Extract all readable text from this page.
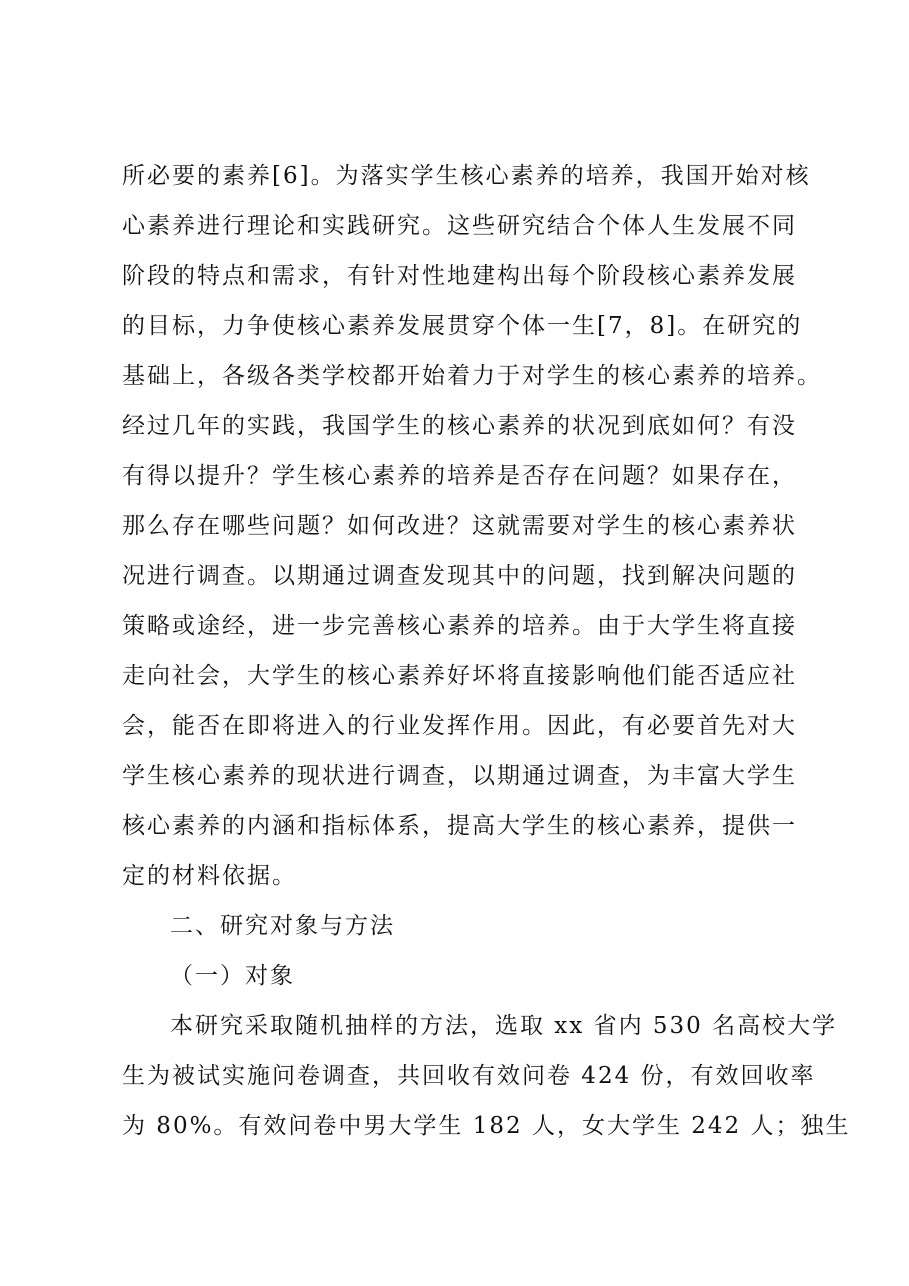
所必要的素养[6]。为落实学生核心素养的培养，我国开始对核

心素养进行理论和实践研究。这些研究结合个体人生发展不同

阶段的特点和需求，有针对性地建构出每个阶段核心素养发展

的目标，力争使核心素养发展贯穿个体一生[7，8]。在研究的

基础上，各级各类学校都开始着力于对学生的核心素养的培养。

经过几年的实践，我国学生的核心素养的状况到底如何？有没

有得以提升？学生核心素养的培养是否存在问题？如果存在，

那么存在哪些问题？如何改进？这就需要对学生的核心素养状

况进行调查。以期通过调查发现其中的问题，找到解决问题的

策略或途经，进一步完善核心素养的培养。由于大学生将直接

走向社会，大学生的核心素养好坏将直接影响他们能否适应社

会，能否在即将进入的行业发挥作用。因此，有必要首先对大

学生核心素养的现状进行调查，以期通过调查，为丰富大学生

核心素养的内涵和指标体系，提高大学生的核心素养，提供一

定的材料依据。

二、研究对象与方法
（一）对象

本研究采取随机抽样的方法，选取 xx 省内 530 名高校大学

生为被试实施问卷调查，共回收有效问卷 424 份，有效回收率

为 80%。有效问卷中男大学生 182 人，女大学生 242 人；独生
